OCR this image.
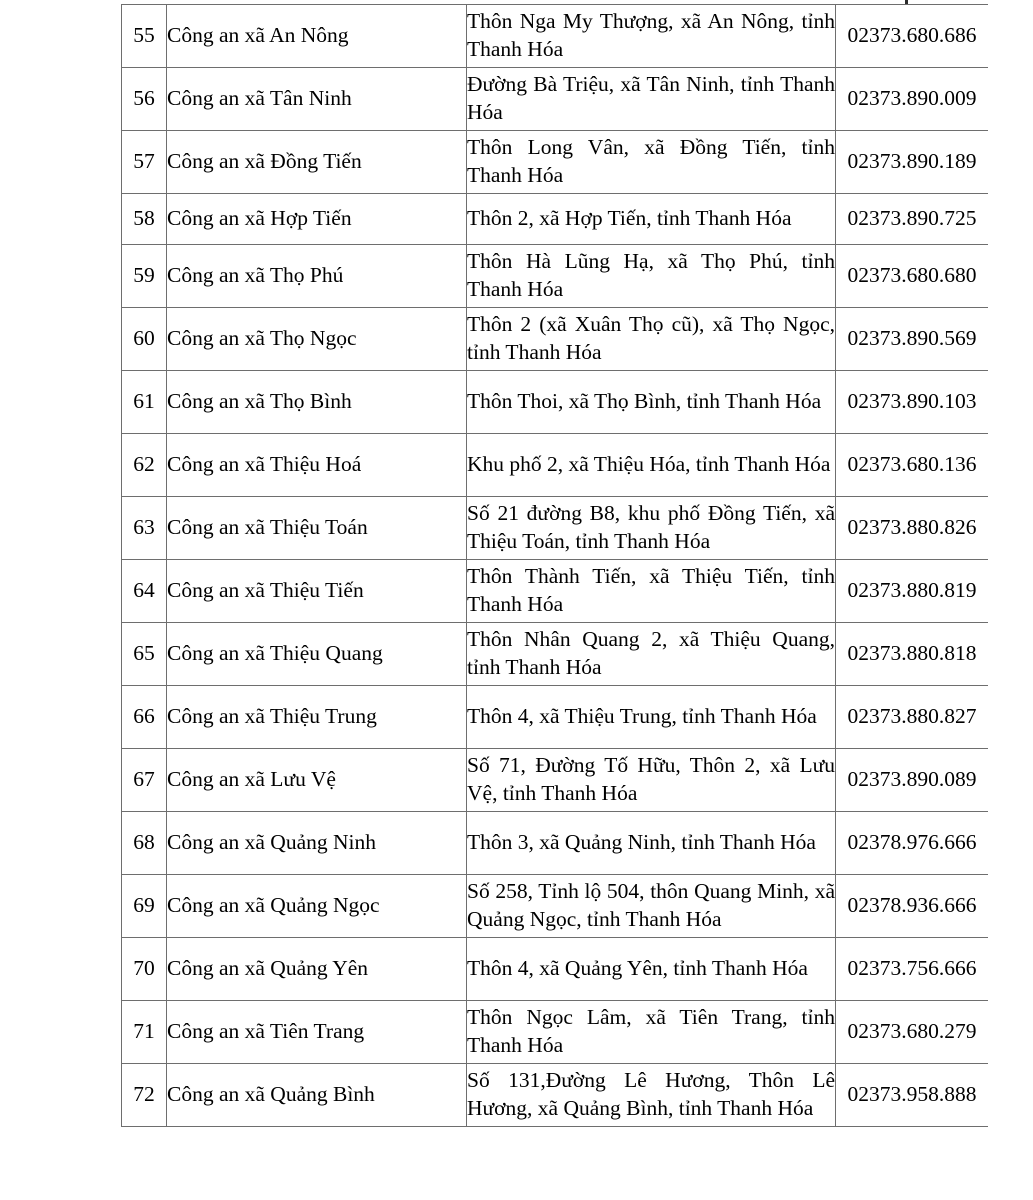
55	Công an xã An Nông	Thôn Nga My Thượng, xã An Nông, tỉnh Thanh Hóa	02373.680.686
56	Công an xã Tân Ninh	Đường Bà Triệu, xã Tân Ninh, tỉnh Thanh Hóa	02373.890.009
57	Công an xã Đồng Tiến	Thôn Long Vân, xã Đồng Tiến, tỉnh Thanh Hóa	02373.890.189
58	Công an xã Hợp Tiến	Thôn 2, xã Hợp Tiến, tỉnh Thanh Hóa	02373.890.725
59	Công an xã Thọ Phú	Thôn Hà Lũng Hạ, xã Thọ Phú, tỉnh Thanh Hóa	02373.680.680
60	Công an xã Thọ Ngọc	Thôn 2 (xã Xuân Thọ cũ), xã Thọ Ngọc, tỉnh Thanh Hóa	02373.890.569
61	Công an xã Thọ Bình	Thôn Thoi, xã Thọ Bình, tỉnh Thanh Hóa	02373.890.103
62	Công an xã Thiệu Hoá	Khu phố 2, xã Thiệu Hóa, tỉnh Thanh Hóa	02373.680.136
63	Công an xã Thiệu Toán	Số 21 đường B8, khu phố Đồng Tiến, xã Thiệu Toán, tỉnh Thanh Hóa	02373.880.826
64	Công an xã Thiệu Tiến	Thôn Thành Tiến, xã Thiệu Tiến, tỉnh Thanh Hóa	02373.880.819
65	Công an xã Thiệu Quang	Thôn Nhân Quang 2, xã Thiệu Quang, tỉnh Thanh Hóa	02373.880.818
66	Công an xã Thiệu Trung	Thôn 4, xã Thiệu Trung, tỉnh Thanh Hóa	02373.880.827
67	Công an xã Lưu Vệ	Số 71, Đường Tố Hữu, Thôn 2, xã Lưu Vệ, tỉnh Thanh Hóa	02373.890.089
68	Công an xã Quảng Ninh	Thôn 3, xã Quảng Ninh, tỉnh Thanh Hóa	02378.976.666
69	Công an xã Quảng Ngọc	Số 258, Tỉnh lộ 504, thôn Quang Minh, xã Quảng Ngọc, tỉnh Thanh Hóa	02378.936.666
70	Công an xã Quảng Yên	Thôn 4, xã Quảng Yên, tỉnh Thanh Hóa	02373.756.666
71	Công an xã Tiên Trang	Thôn Ngọc Lâm, xã Tiên Trang, tỉnh Thanh Hóa	02373.680.279
72	Công an xã Quảng Bình	Số 131,Đường Lê Hương, Thôn Lê Hương, xã Quảng Bình, tỉnh Thanh Hóa	02373.958.888
